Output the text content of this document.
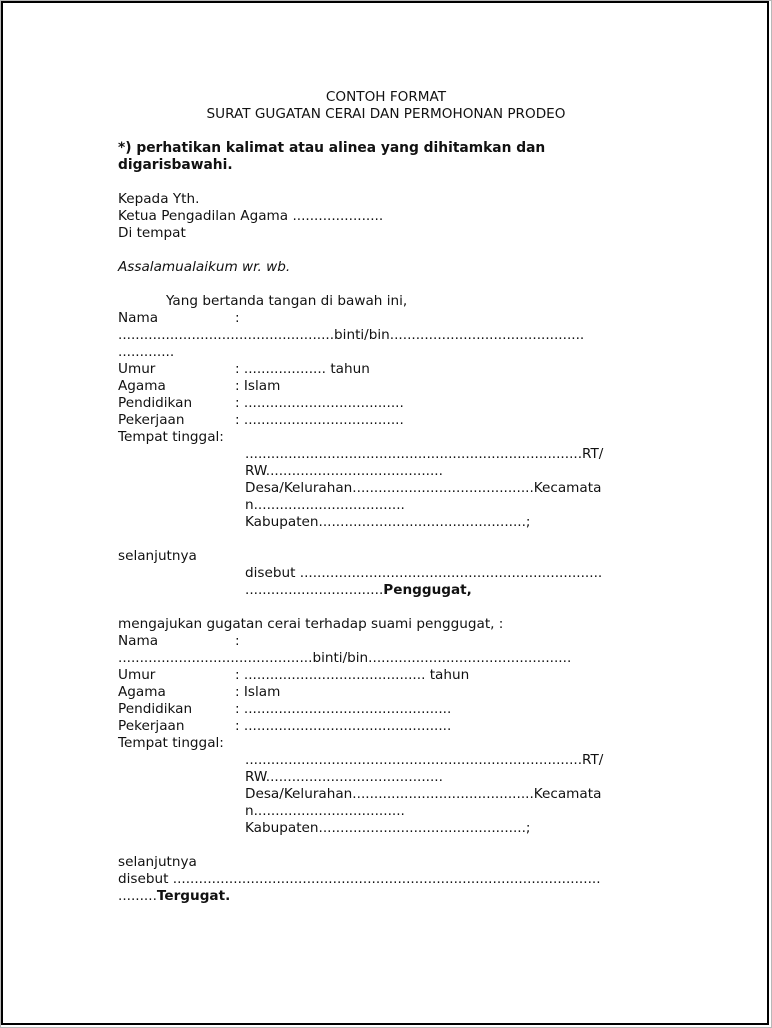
CONTOH FORMAT
SURAT GUGATAN CERAI DAN PERMOHONAN PRODEO
*) perhatikan kalimat atau alinea yang dihitamkan dan
digarisbawahi.
Kepada Yth.
Ketua Pengadilan Agama .....................
Di tempat
Assalamualaikum wr. wb.
Yang bertanda tangan di bawah ini,
Nama	:
..................................................binti/bin.............................................
.............
Umur	: ................... tahun
Agama	: Islam
Pendidikan	: .....................................
Pekerjaan	: .....................................
Tempat tinggal:
..............................................................................RT/
RW.........................................
Desa/Kelurahan..........................................Kecamata
n...................................
Kabupaten................................................;
selanjutnya
disebut ......................................................................
................................Penggugat,
mengajukan gugatan cerai terhadap suami penggugat, :
Nama	:
.............................................binti/bin...............................................
Umur	: .......................................... tahun
Agama	: Islam
Pendidikan	: ................................................
Pekerjaan	: ................................................
Tempat tinggal:
..............................................................................RT/
RW.........................................
Desa/Kelurahan..........................................Kecamata
n...................................
Kabupaten................................................;
selanjutnya
disebut ...................................................................................................
.........Tergugat.
